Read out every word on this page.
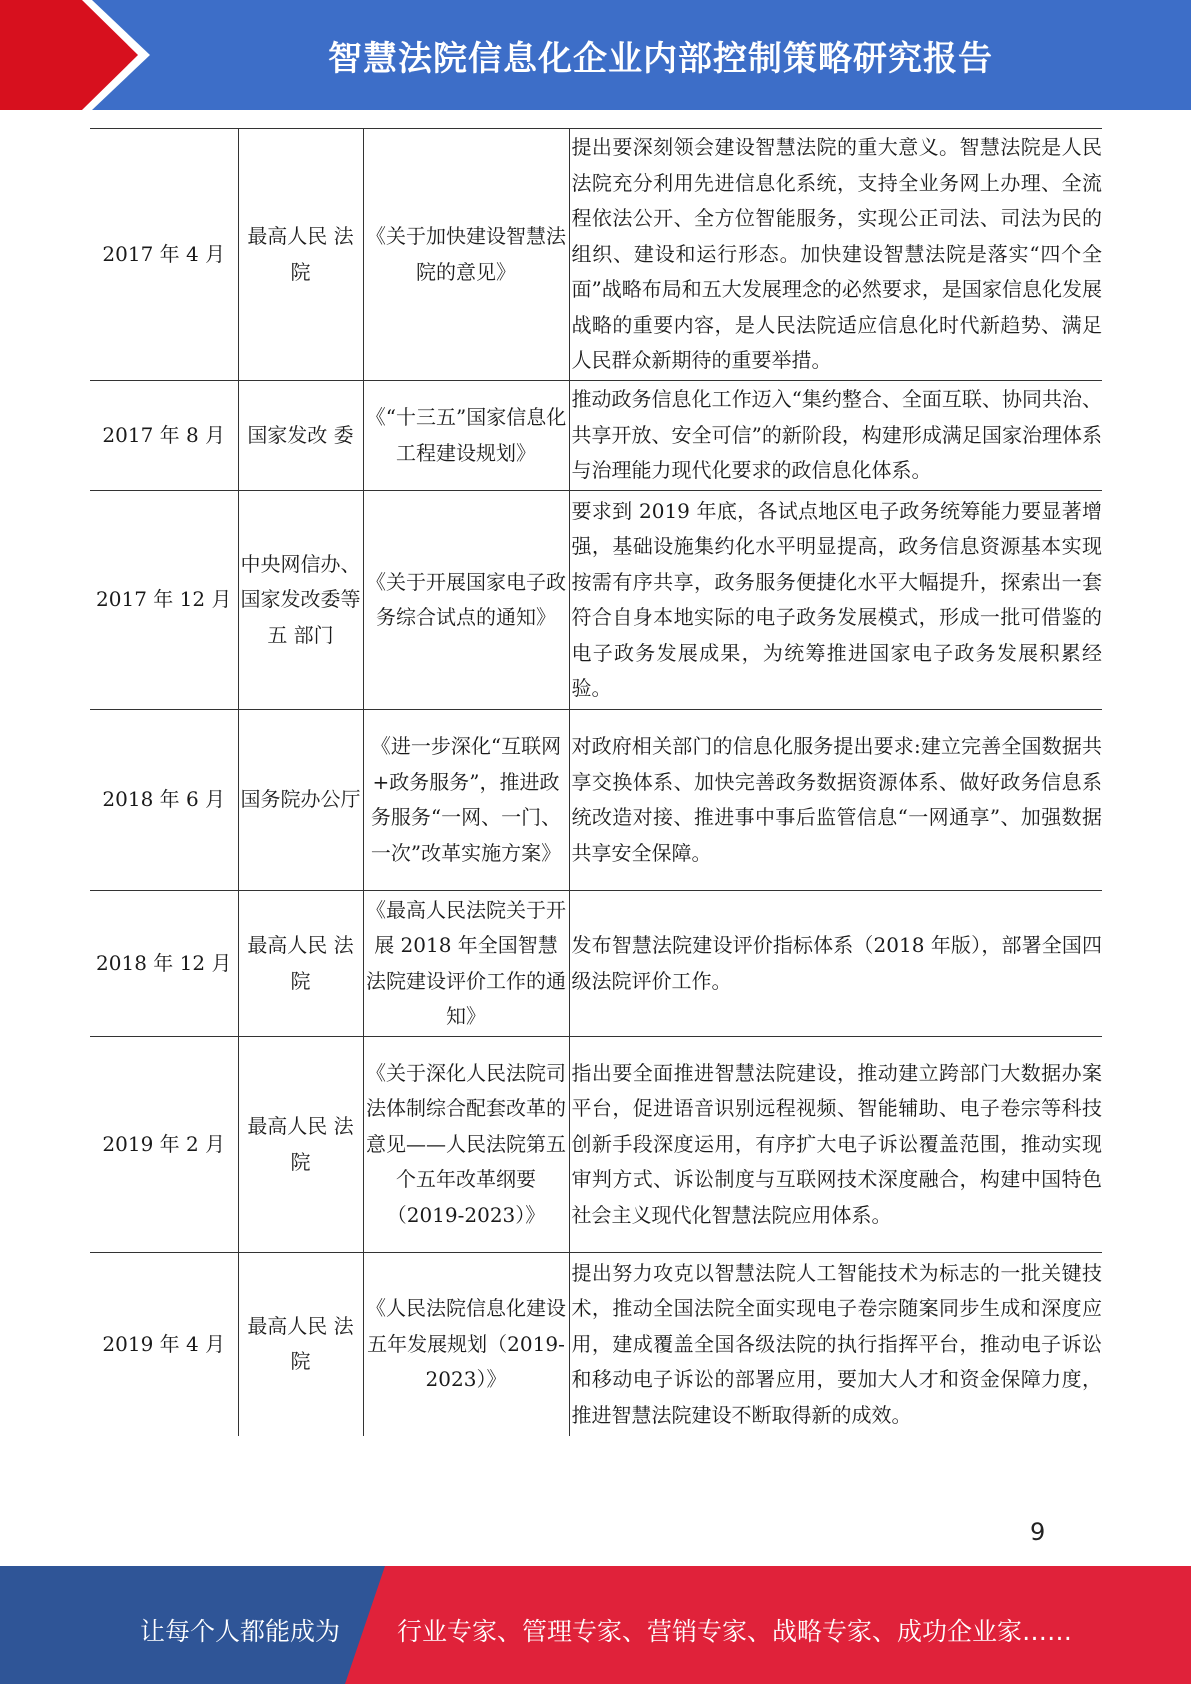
智慧法院信息化企业内部控制策略研究报告
2017 年 4 月	最高人民 法院	《关于加快建设智慧法院的意见》	提出要深刻领会建设智慧法院的重大意义。智慧法院是人民法院充分利用先进信息化系统，支持全业务网上办理、全流程依法公开、全方位智能服务，实现公正司法、司法为民的组织、建设和运行形态。加快建设智慧法院是落实“四个全面”战略布局和五大发展理念的必然要求，是国家信息化发展战略的重要内容，是人民法院适应信息化时代新趋势、满足人民群众新期待的重要举措。
2017 年 8 月	国家发改 委	《“十三五”国家信息化工程建设规划》	推动政务信息化工作迈入“集约整合、全面互联、协同共治、共享开放、安全可信”的新阶段，构建形成满足国家治理体系与治理能力现代化要求的政信息化体系。
2017 年 12 月	中央网信办、国家发改委等五 部门	《关于开展国家电子政务综合试点的通知》	要求到 2019 年底，各试点地区电子政务统筹能力要显著增强，基础设施集约化水平明显提高，政务信息资源基本实现按需有序共享，政务服务便捷化水平大幅提升，探索出一套符合自身本地实际的电子政务发展模式，形成一批可借鉴的电子政务发展成果，为统筹推进国家电子政务发展积累经验。
2018 年 6 月	国务院办公厅	《进一步深化“互联网+政务服务”，推进政务服务“一网、一门、一次”改革实施方案》	对政府相关部门的信息化服务提出要求:建立完善全国数据共享交换体系、加快完善政务数据资源体系、做好政务信息系统改造对接、推进事中事后监管信息“一网通享”、加强数据共享安全保障。
2018 年 12 月	最高人民 法院	《最高人民法院关于开展 2018 年全国智慧法院建设评价工作的通知》	发布智慧法院建设评价指标体系（2018 年版），部署全国四级法院评价工作。
2019 年 2 月	最高人民 法院	《关于深化人民法院司法体制综合配套改革的意见——人民法院第五个五年改革纲要（2019-2023）》	指出要全面推进智慧法院建设，推动建立跨部门大数据办案平台，促进语音识别远程视频、智能辅助、电子卷宗等科技创新手段深度运用，有序扩大电子诉讼覆盖范围，推动实现审判方式、诉讼制度与互联网技术深度融合，构建中国特色社会主义现代化智慧法院应用体系。
2019 年 4 月	最高人民 法院	《人民法院信息化建设五年发展规划（2019-2023）》	提出努力攻克以智慧法院人工智能技术为标志的一批关键技术，推动全国法院全面实现电子卷宗随案同步生成和深度应用，建成覆盖全国各级法院的执行指挥平台，推动电子诉讼和移动电子诉讼的部署应用，要加大人才和资金保障力度，推进智慧法院建设不断取得新的成效。
9
让每个人都能成为	行业专家、管理专家、营销专家、战略专家、成功企业家……
